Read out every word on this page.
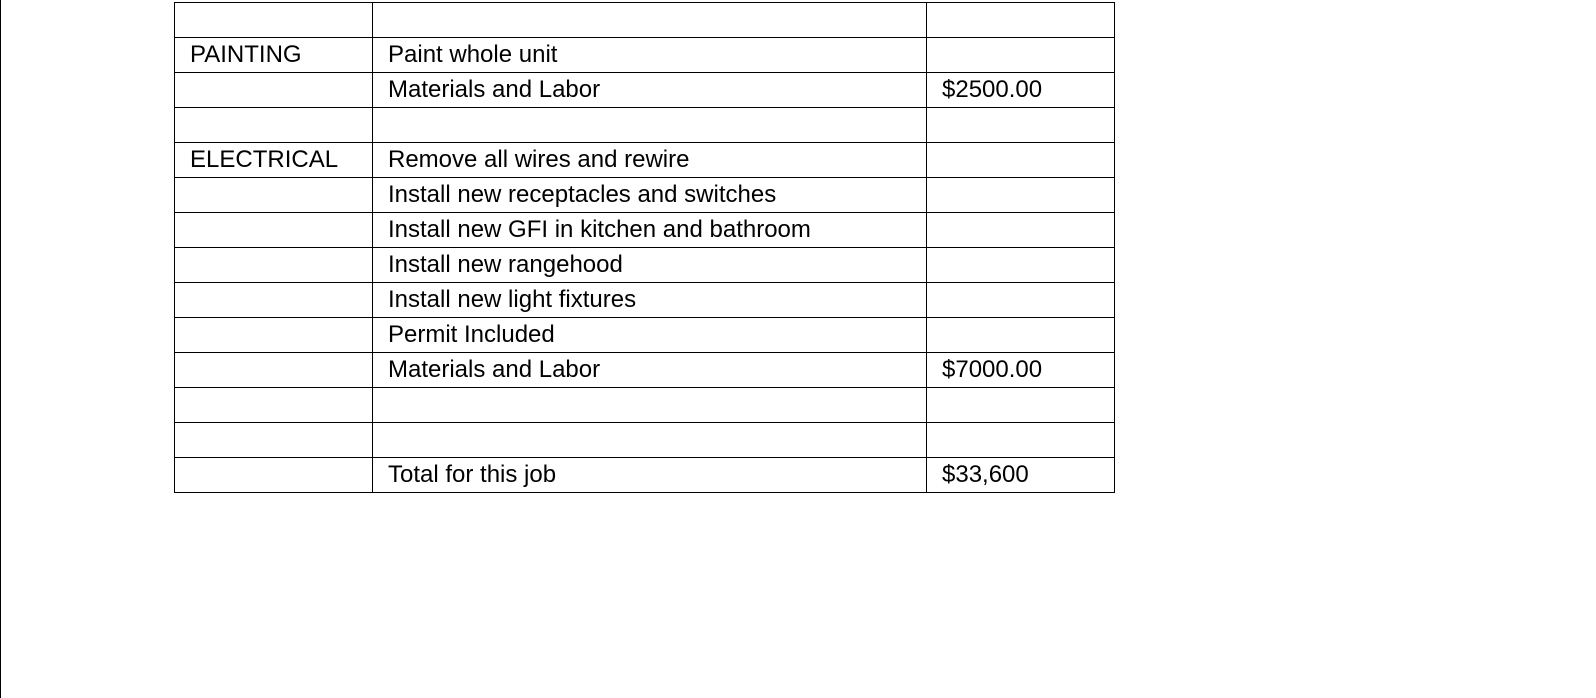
PAINTING	Paint whole unit	
	Materials and Labor	$2500.00

ELECTRICAL	Remove all wires and rewire	
	Install new receptacles and switches	
	Install new GFI in kitchen and bathroom	
	Install new rangehood	
	Install new light fixtures	
	Permit Included	
	Materials and Labor	$7000.00

	Total for this job	$33,600
